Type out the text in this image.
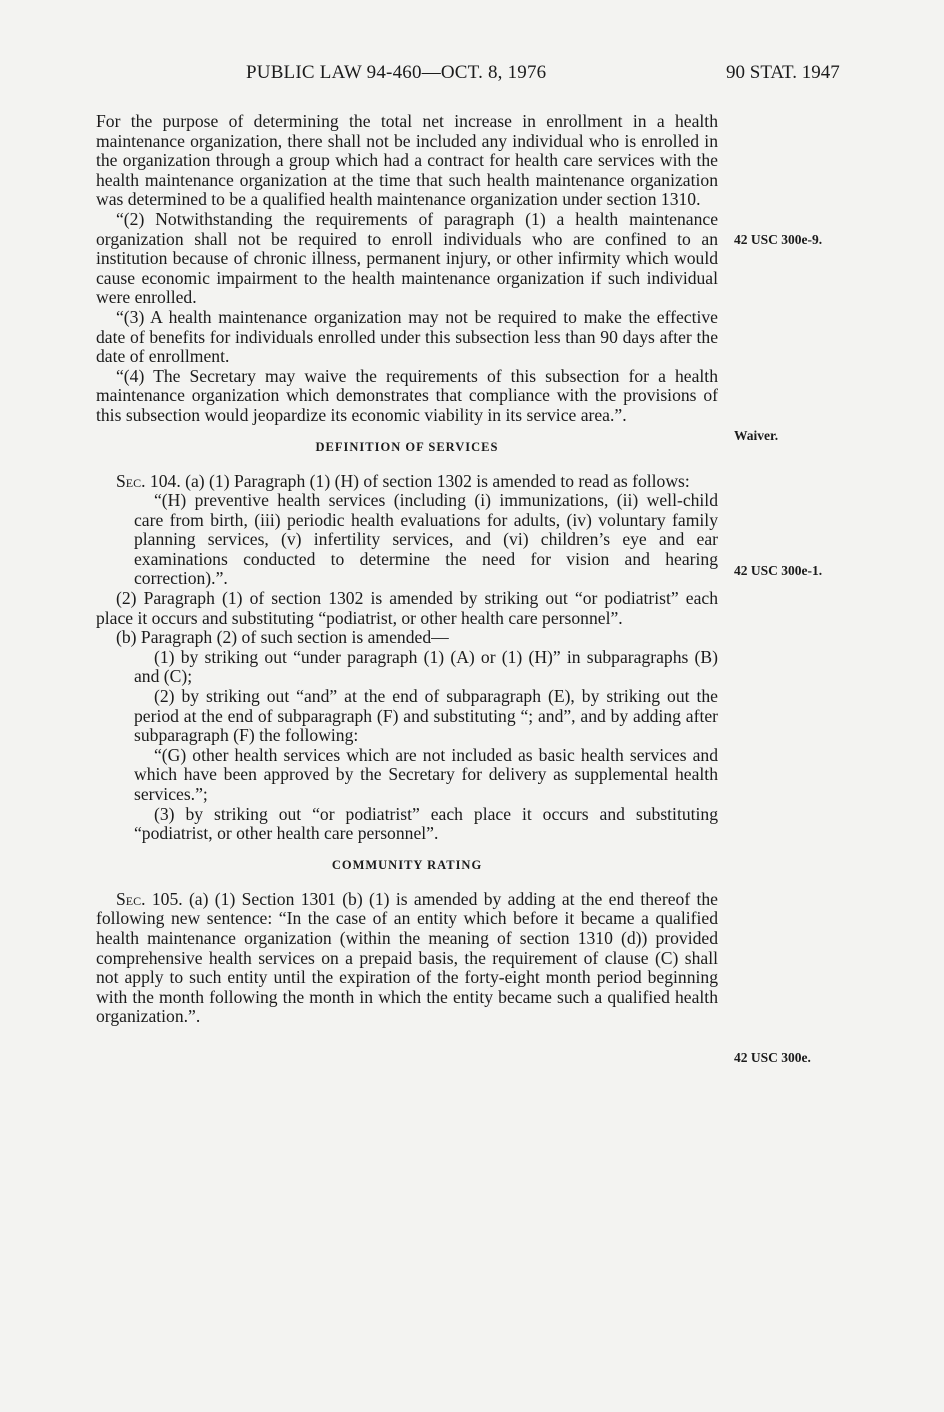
PUBLIC LAW 94-460—OCT. 8, 1976	90 STAT. 1947

For the purpose of determining the total net increase in enrollment in a health maintenance organization, there shall not be included any individual who is enrolled in the organization through a group which had a contract for health care services with the health maintenance organization at the time that such health maintenance organization was determined to be a qualified health maintenance organization under section 1310.

“(2) Notwithstanding the requirements of paragraph (1) a health maintenance organization shall not be required to enroll individuals who are confined to an institution because of chronic illness, permanent injury, or other infirmity which would cause economic impairment to the health maintenance organization if such individual were enrolled.

“(3) A health maintenance organization may not be required to make the effective date of benefits for individuals enrolled under this subsection less than 90 days after the date of enrollment.

“(4) The Secretary may waive the requirements of this subsection for a health maintenance organization which demonstrates that compliance with the provisions of this subsection would jeopardize its economic viability in its service area.”.

DEFINITION OF SERVICES

Sec. 104. (a) (1) Paragraph (1) (H) of section 1302 is amended to read as follows:

“(H) preventive health services (including (i) immunizations, (ii) well-child care from birth, (iii) periodic health evaluations for adults, (iv) voluntary family planning services, (v) infertility services, and (vi) children’s eye and ear examinations conducted to determine the need for vision and hearing correction).”.

(2) Paragraph (1) of section 1302 is amended by striking out “or podiatrist” each place it occurs and substituting “podiatrist, or other health care personnel”.

(b) Paragraph (2) of such section is amended—

(1) by striking out “under paragraph (1) (A) or (1) (H)” in subparagraphs (B) and (C);

(2) by striking out “and” at the end of subparagraph (E), by striking out the period at the end of subparagraph (F) and substituting “; and”, and by adding after subparagraph (F) the following:

“(G) other health services which are not included as basic health services and which have been approved by the Secretary for delivery as supplemental health services.”;

(3) by striking out “or podiatrist” each place it occurs and substituting “podiatrist, or other health care personnel”.

COMMUNITY RATING

Sec. 105. (a) (1) Section 1301 (b) (1) is amended by adding at the end thereof the following new sentence: “In the case of an entity which before it became a qualified health maintenance organization (within the meaning of section 1310 (d)) provided comprehensive health services on a prepaid basis, the requirement of clause (C) shall not apply to such entity until the expiration of the forty-eight month period beginning with the month following the month in which the entity became such a qualified health organization.”.

42 USC 300e-9.
Waiver.
42 USC 300e-1.
42 USC 300e.
